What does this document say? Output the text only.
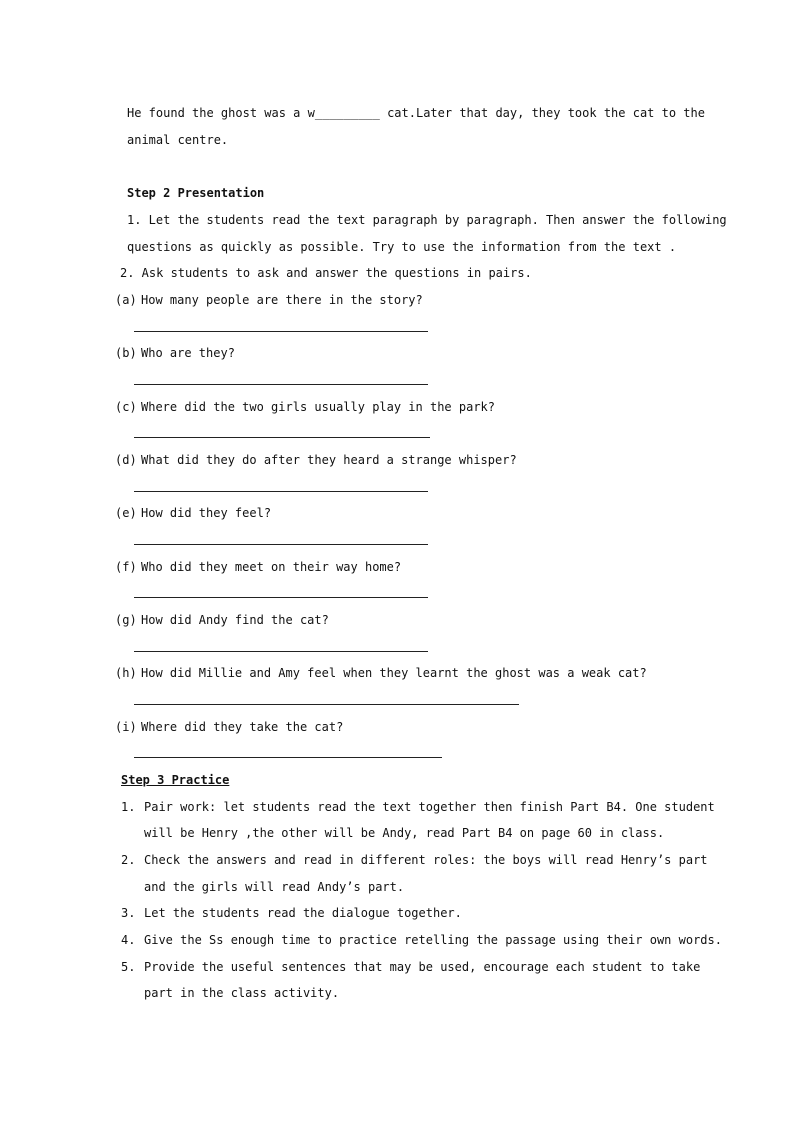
He found the ghost was a w_________ cat.Later that day, they took the cat to the
animal centre.
Step 2 Presentation
1. Let the students read the text paragraph by paragraph. Then answer the following
questions as quickly as possible. Try to use the information from the text .
2. Ask students to ask and answer the questions in pairs.
(a) How many people are there in the story?
(b) Who are they?
(c) Where did the two girls usually play in the park?
(d) What did they do after they heard a strange whisper?
(e) How did they feel?
(f) Who did they meet on their way home?
(g) How did Andy find the cat?
(h) How did Millie and Amy feel when they learnt the ghost was a weak cat?
(i) Where did they take the cat?
Step 3 Practice
1. Pair work: let students read the text together then finish Part B4. One student
will be Henry ,the other will be Andy, read Part B4 on page 60 in class.
2. Check the answers and read in different roles: the boys will read Henry’s part
and the girls will read Andy’s part.
3. Let the students read the dialogue together.
4. Give the Ss enough time to practice retelling the passage using their own words.
5. Provide the useful sentences that may be used, encourage each student to take
part in the class activity.
